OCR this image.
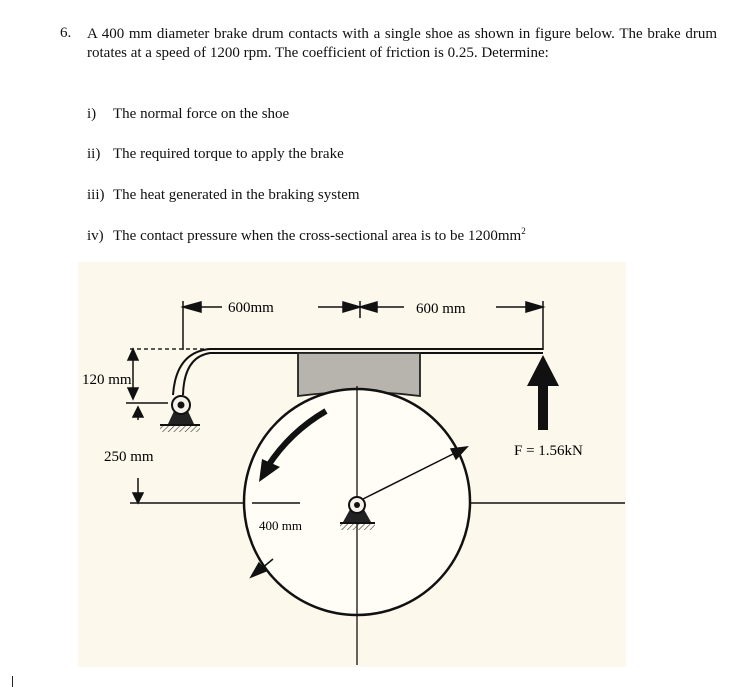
6. A 400 mm diameter brake drum contacts with a single shoe as shown in figure below. The brake drum rotates at a speed of 1200 rpm. The coefficient of friction is 0.25. Determine:
i) The normal force on the shoe
ii) The required torque to apply the brake
iii) The heat generated in the braking system
iv) The contact pressure when the cross-sectional area is to be $1200mm^2$
600mm	600 mm
120 mm
250 mm
400 mm
F = 1.56kN
